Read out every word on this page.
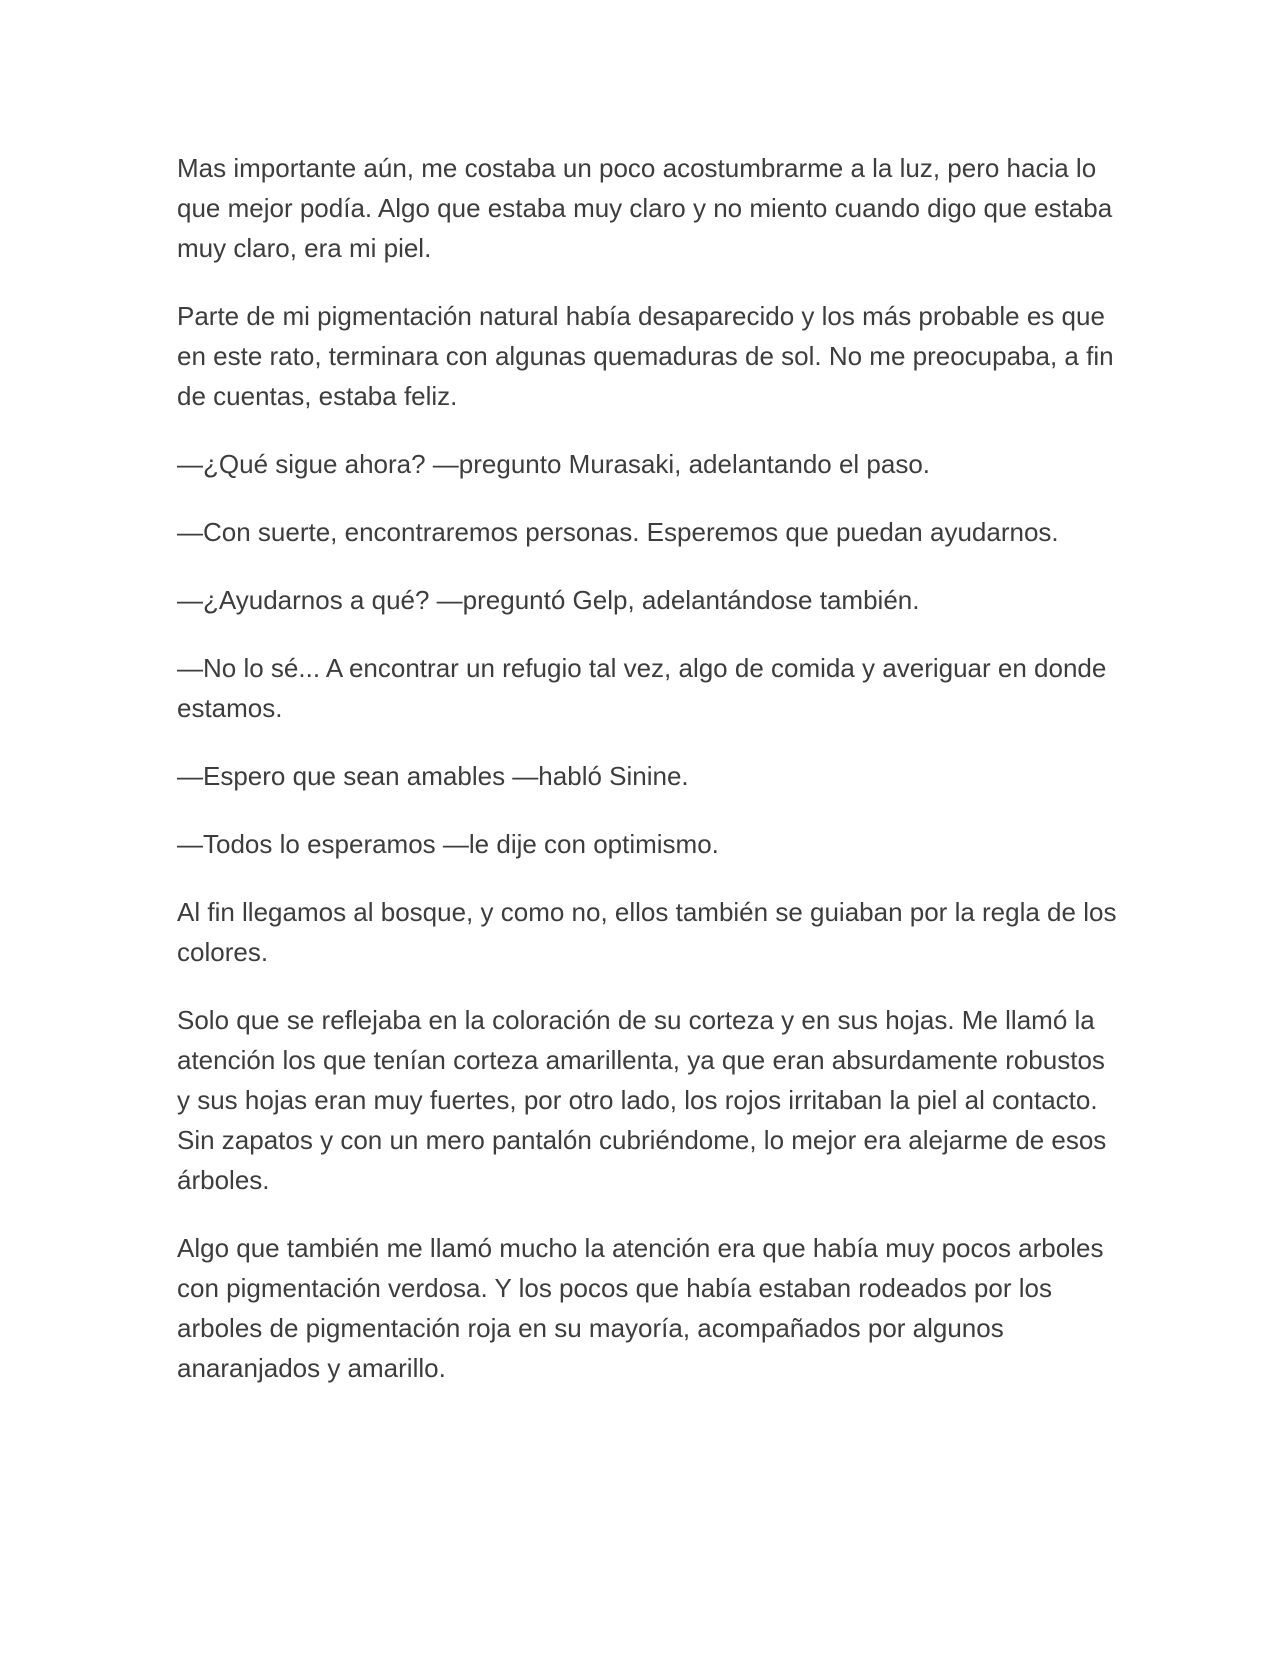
Mas importante aún, me costaba un poco acostumbrarme a la luz, pero hacia lo que mejor podía. Algo que estaba muy claro y no miento cuando digo que estaba muy claro, era mi piel.

Parte de mi pigmentación natural había desaparecido y los más probable es que en este rato, terminara con algunas quemaduras de sol. No me preocupaba, a fin de cuentas, estaba feliz.

—¿Qué sigue ahora? —pregunto Murasaki, adelantando el paso.

—Con suerte, encontraremos personas. Esperemos que puedan ayudarnos.

—¿Ayudarnos a qué? —preguntó Gelp, adelantándose también.

—No lo sé... A encontrar un refugio tal vez, algo de comida y averiguar en donde estamos.

—Espero que sean amables —habló Sinine.

—Todos lo esperamos —le dije con optimismo.

Al fin llegamos al bosque, y como no, ellos también se guiaban por la regla de los colores.

Solo que se reflejaba en la coloración de su corteza y en sus hojas. Me llamó la atención los que tenían corteza amarillenta, ya que eran absurdamente robustos y sus hojas eran muy fuertes, por otro lado, los rojos irritaban la piel al contacto. Sin zapatos y con un mero pantalón cubriéndome, lo mejor era alejarme de esos árboles.

Algo que también me llamó mucho la atención era que había muy pocos arboles con pigmentación verdosa. Y los pocos que había estaban rodeados por los arboles de pigmentación roja en su mayoría, acompañados por algunos anaranjados y amarillo.
